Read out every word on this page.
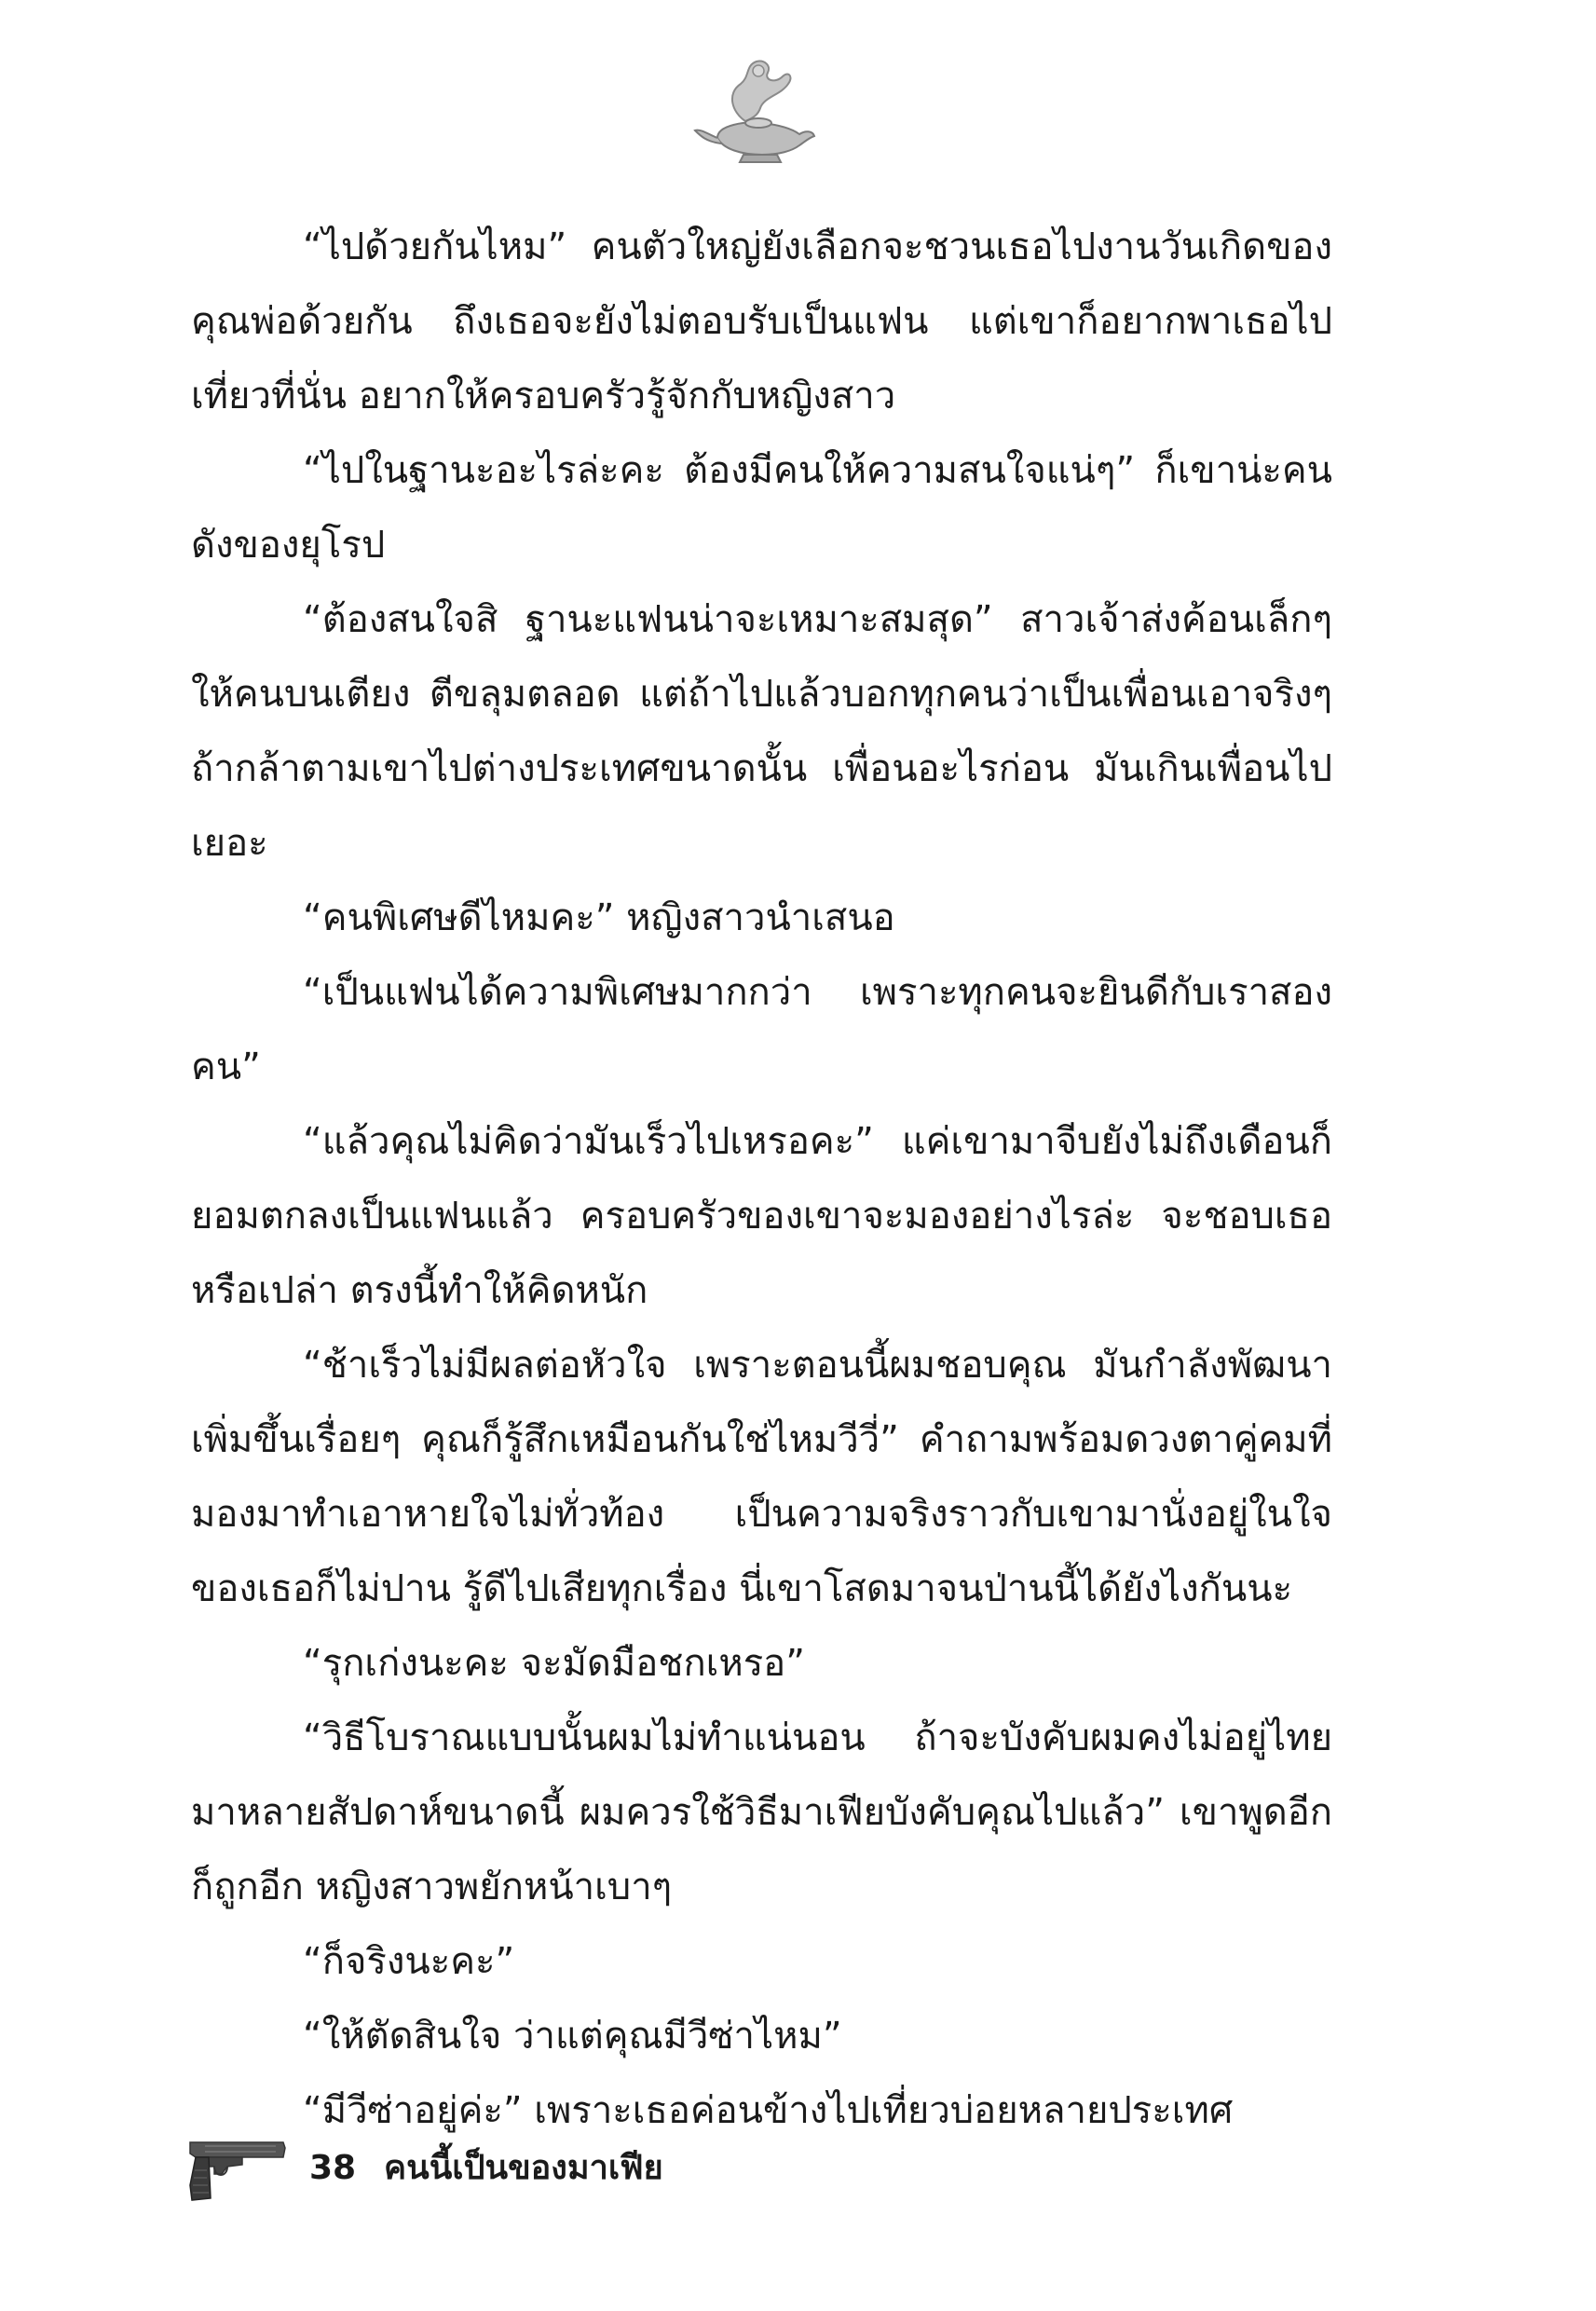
“ไปด้วยกันไหม” คนตัวใหญ่ยังเลือกจะชวนเธอไปงานวันเกิดของคุณพ่อด้วยกัน ถึงเธอจะยังไม่ตอบรับเป็นแฟน แต่เขาก็อยากพาเธอไปเที่ยวที่นั่น อยากให้ครอบครัวรู้จักกับหญิงสาว

“ไปในฐานะอะไรล่ะคะ ต้องมีคนให้ความสนใจแน่ๆ” ก็เขาน่ะคนดังของยุโรป

“ต้องสนใจสิ ฐานะแฟนน่าจะเหมาะสมสุด” สาวเจ้าส่งค้อนเล็กๆให้คนบนเตียง ตีขลุมตลอด แต่ถ้าไปแล้วบอกทุกคนว่าเป็นเพื่อนเอาจริงๆ ถ้ากล้าตามเขาไปต่างประเทศขนาดนั้น เพื่อนอะไรก่อน มันเกินเพื่อนไปเยอะ

“คนพิเศษดีไหมคะ” หญิงสาวนำเสนอ

“เป็นแฟนได้ความพิเศษมากกว่า เพราะทุกคนจะยินดีกับเราสองคน”

“แล้วคุณไม่คิดว่ามันเร็วไปเหรอคะ” แค่เขามาจีบยังไม่ถึงเดือนก็ยอมตกลงเป็นแฟนแล้ว ครอบครัวของเขาจะมองอย่างไรล่ะ จะชอบเธอหรือเปล่า ตรงนี้ทำให้คิดหนัก

“ช้าเร็วไม่มีผลต่อหัวใจ เพราะตอนนี้ผมชอบคุณ มันกำลังพัฒนาเพิ่มขึ้นเรื่อยๆ คุณก็รู้สึกเหมือนกันใช่ไหมวีวี่” คำถามพร้อมดวงตาคู่คมที่มองมาทำเอาหายใจไม่ทั่วท้อง เป็นความจริงราวกับเขามานั่งอยู่ในใจของเธอก็ไม่ปาน รู้ดีไปเสียทุกเรื่อง นี่เขาโสดมาจนป่านนี้ได้ยังไงกันนะ

“รุกเก่งนะคะ จะมัดมือชกเหรอ”

“วิธีโบราณแบบนั้นผมไม่ทำแน่นอน ถ้าจะบังคับผมคงไม่อยู่ไทยมาหลายสัปดาห์ขนาดนี้ ผมควรใช้วิธีมาเฟียบังคับคุณไปแล้ว” เขาพูดอีกก็ถูกอีก หญิงสาวพยักหน้าเบาๆ

“ก็จริงนะคะ”

“ให้ตัดสินใจ ว่าแต่คุณมีวีซ่าไหม”

“มีวีซ่าอยู่ค่ะ” เพราะเธอค่อนข้างไปเที่ยวบ่อยหลายประเทศ

38 คนนี้เป็นของมาเฟีย
